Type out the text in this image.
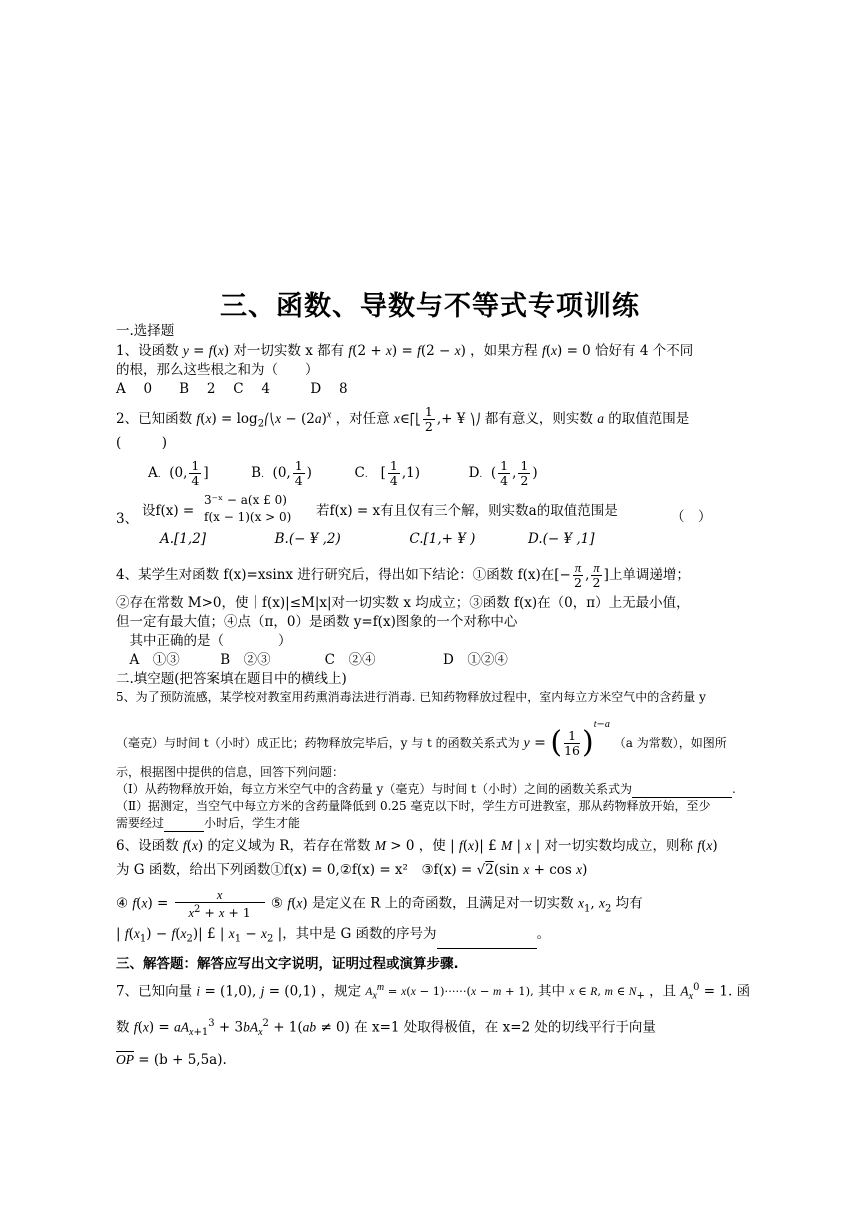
三、函数、导数与不等式专项训练
一.选择题
1、设函数 y = f(x) 对一切实数 x 都有 f(2 + x) = f(2 − x) ，如果方程 f(x) = 0 恰好有 4 个不同
的根，那么这些根之和为（　　）
A　 0　　B　 2　 C　 4　　　D　 8
2、已知函数 $f(x) = \log_2⎛⎝x - (2a)^x$ ，对任意 x∈⎡⎣ $\frac{1}{2}$ ,+ ¥ ⎞⎠ 都有意义，则实数 a 的取值范围是
(　　　)
A.  (0, $\frac{1}{4}$ ]	B.  (0, $\frac{1}{4}$ )	C.   [ $\frac{1}{4} ,1$)	D.  ( $\frac{1}{4}$ , $\frac{1}{2}$ )
3、 设f(x) =
3⁻ˣ − a(x £ 0)
f(x − 1)(x > 0) 若f(x) = x有且仅有三个解，则实数a的取值范围是	（　）
A.[1,2]	B.(− ¥ ,2)	C.[1,+ ¥ )	D.(− ¥ ,1]
4、某学生对函数 f(x)=xsinx 进行研究后，得出如下结论：①函数 f(x)在[− $\frac{\pi}{2}$ , $\frac{\pi}{2}$ ]上单调递增；
②存在常数 M>0，使｜f(x)|≤M|x|对一切实数 x 均成立；③函数 f(x)在（0，π）上无最小值，
但一定有最大值；④点（π，0）是函数 y=f(x)图象的一个对称中心
　其中正确的是（　　　　）
　A　①③　　　B　②③　　　　C　②④　　　　　D　①②④
二.填空题(把答案填在题目中的横线上)
5、为了预防流感，某学校对教室用药熏消毒法进行消毒. 已知药物释放过程中，室内每立方米空气中的含药量 y
（毫克）与时间 t（小时）成正比；药物释放完毕后，y 与 t 的函数关系式为 y = ( $\frac{1}{16} )^{t-a}$ （a 为常数），如图所
示，根据图中提供的信息，回答下列问题：
（Ⅰ）从药物释放开始，每立方米空气中的含药量 y（毫克）与时间 t（小时）之间的函数关系式为	.
（Ⅱ）据测定，当空气中每立方米的含药量降低到 0.25 毫克以下时，学生方可进教室，那从药物释放开始，至少
需要经过	小时后，学生才能
6、设函数 f(x) 的定义域为 R，若存在常数 M > 0 ，使 | f(x)| £ M | x | 对一切实数均成立，则称 f(x)
为 G 函数，给出下列函数①f(x) = 0,②f(x) = x²　③f(x) = √2(sin x + cos x)
④ $f(x) = \frac{x}{x^2 + x + 1}$ ⑤ f(x) 是定义在 R 上的奇函数，且满足对一切实数 $x_1$, $x_2$ 均有
| $f(x_1) - f(x_2)|$ £ | $x_1 - x_2$ |，其中是 G 函数的序号为	。
三、解答题：解答应写出文字说明，证明过程或演算步骤.
7、已知向量 i = (1,0), j = (0,1) ，规定 $A_x^m = x(x - 1)\cdot\cdot\cdot\cdot\cdot\cdot(x - m + 1)$, 其中 x ∈ R, m ∈ $N_+$ ，且 $A_x^0 = 1$. 函
数 $f(x) = aA_{x+1}^3 + 3bA_x^2 + 1(ab \ne 0)$ 在 x=1 处取得极值，在 x=2 处的切线平行于向量
$\overline{OP} = (b + 5,5a)$.
